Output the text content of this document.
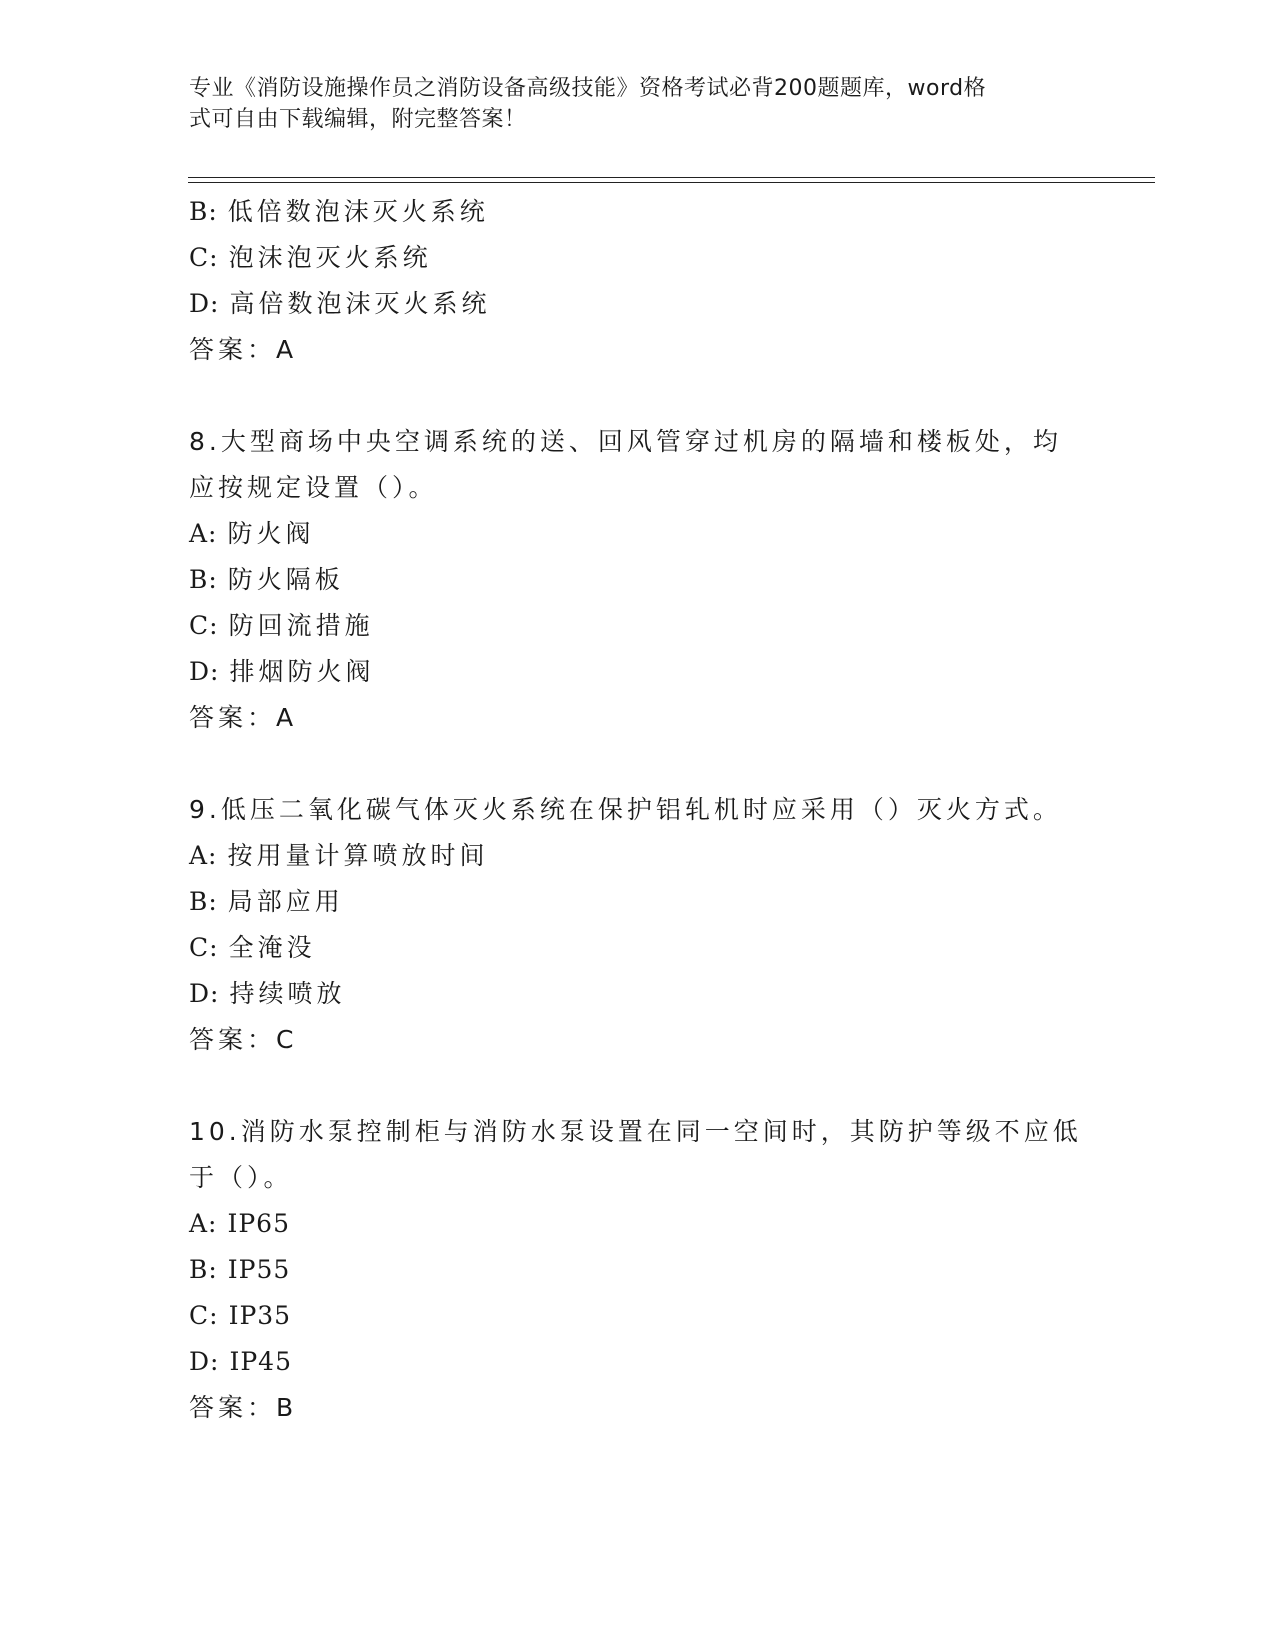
专业《消防设施操作员之消防设备高级技能》资格考试必背200题题库，word格
式可自由下载编辑，附完整答案！
B: 低倍数泡沫灭火系统
C: 泡沫泡灭火系统
D: 高倍数泡沫灭火系统
答案：A
8.大型商场中央空调系统的送、回风管穿过机房的隔墙和楼板处，均
应按规定设置（）。
A: 防火阀
B: 防火隔板
C: 防回流措施
D: 排烟防火阀
答案：A
9.低压二氧化碳气体灭火系统在保护铝轧机时应采用（）灭火方式。
A: 按用量计算喷放时间
B: 局部应用
C: 全淹没
D: 持续喷放
答案：C
10.消防水泵控制柜与消防水泵设置在同一空间时，其防护等级不应低
于（）。
A: IP65
B: IP55
C: IP35
D: IP45
答案：B
